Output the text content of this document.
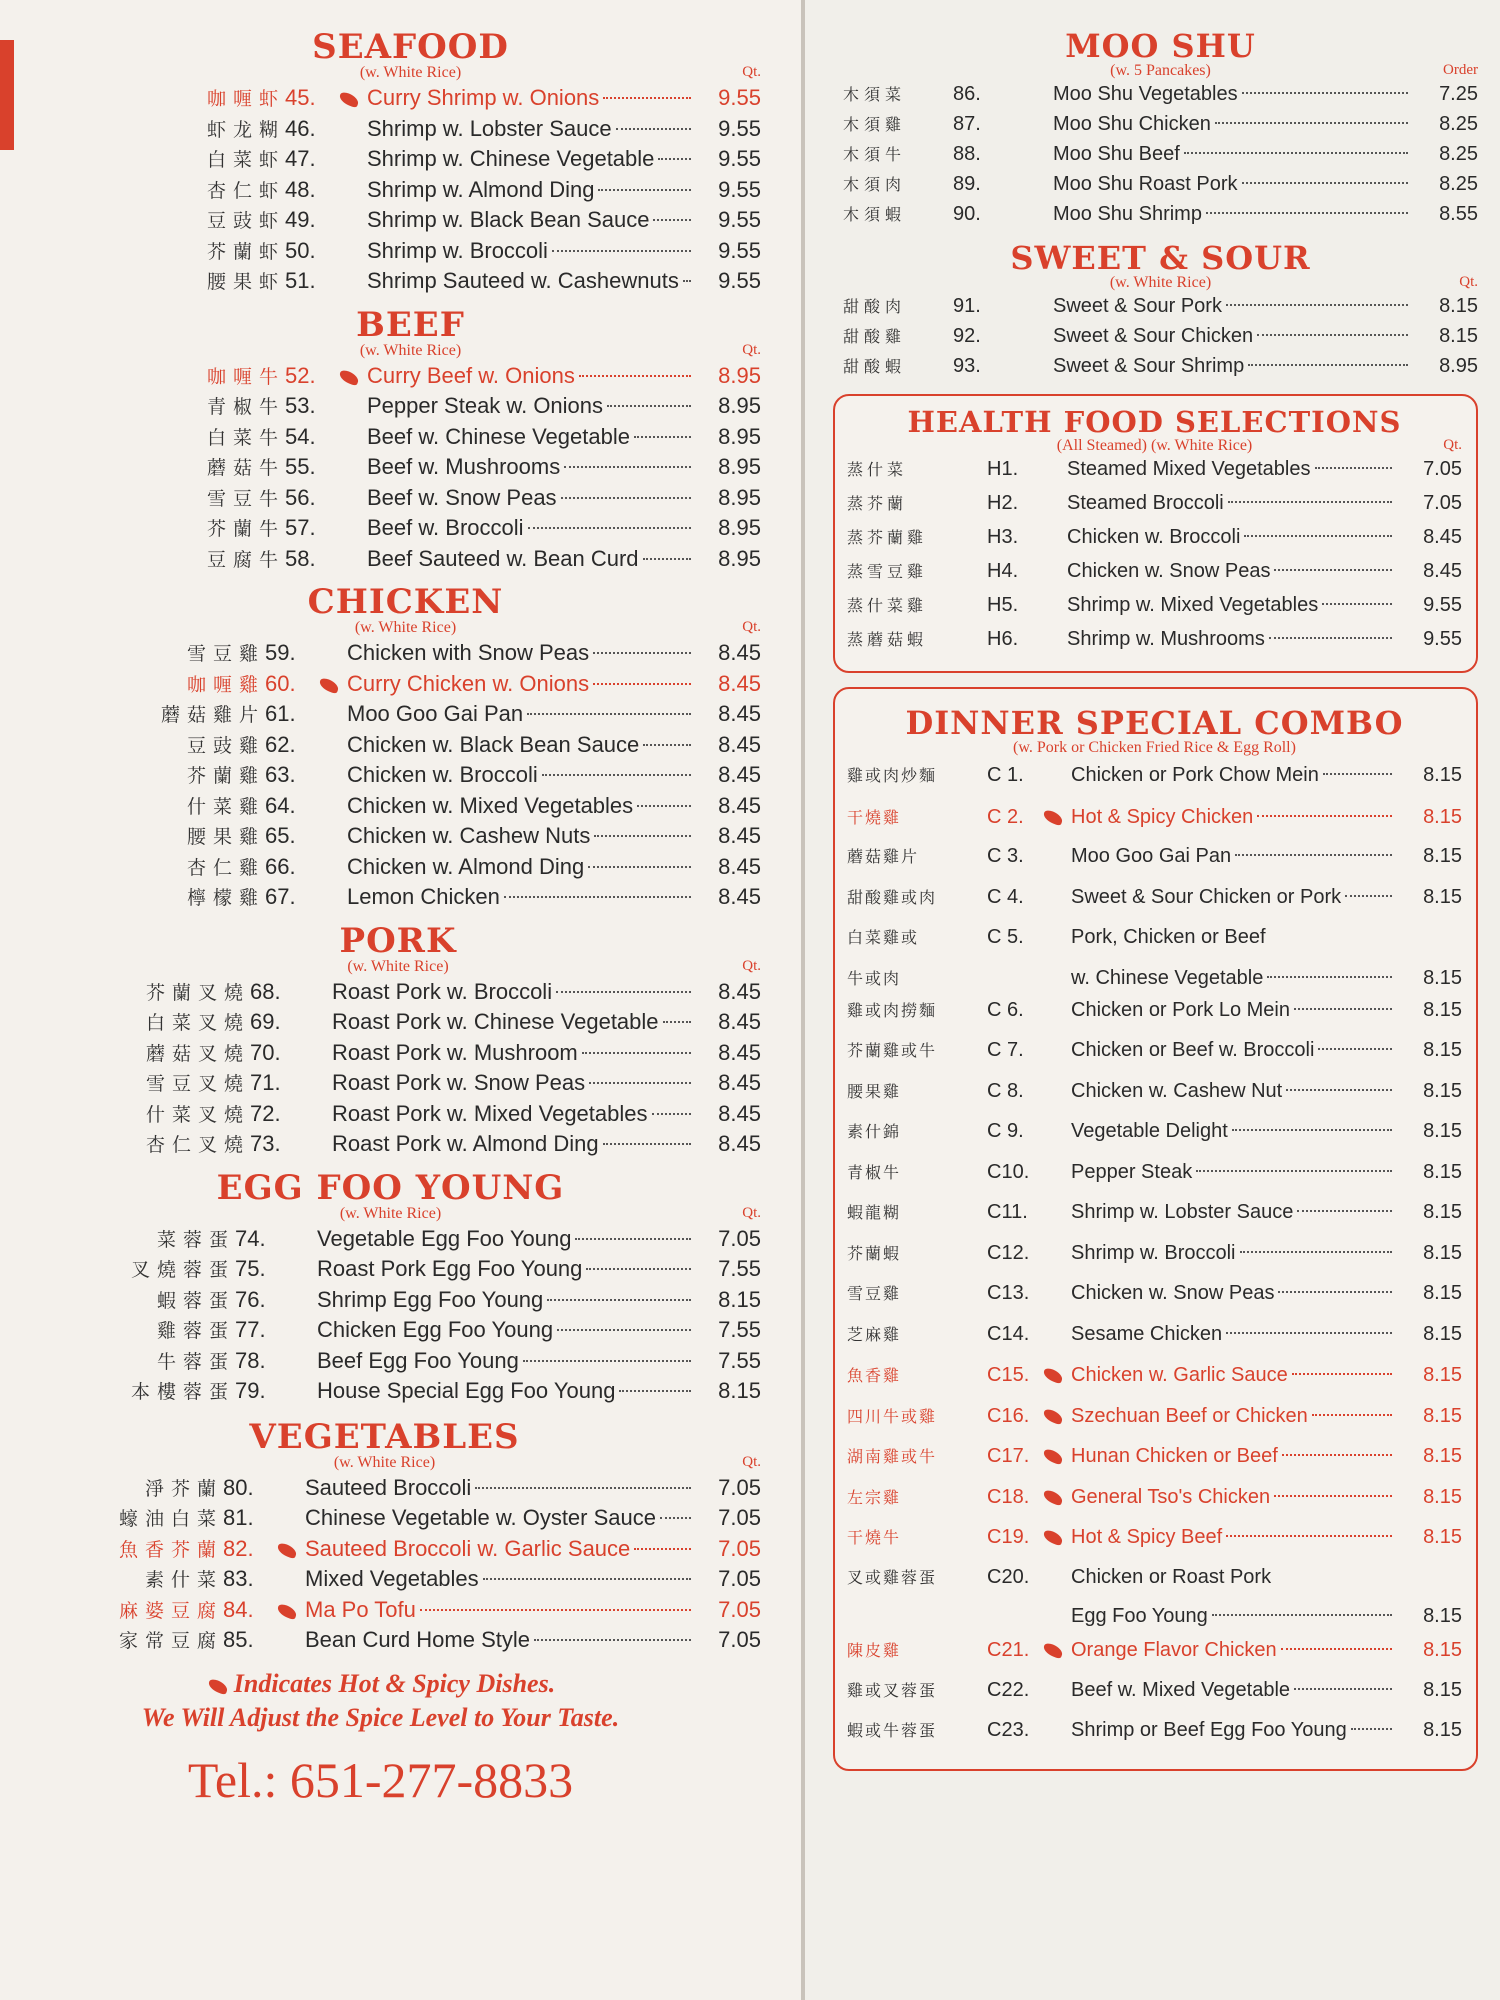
SEAFOOD
(w. White Rice)	Qt.
咖喱虾 45.	Curry Shrimp w. Onions	9.55
虾龙糊 46.	Shrimp w. Lobster Sauce	9.55
白菜虾 47.	Shrimp w. Chinese Vegetable	9.55
杏仁虾 48.	Shrimp w. Almond Ding	9.55
豆豉虾 49.	Shrimp w. Black Bean Sauce	9.55
芥蘭虾 50.	Shrimp w. Broccoli	9.55
腰果虾 51.	Shrimp Sauteed w. Cashewnuts	9.55
BEEF
(w. White Rice)	Qt.
咖喱牛 52.	Curry Beef w. Onions	8.95
青椒牛 53.	Pepper Steak w. Onions	8.95
白菜牛 54.	Beef w. Chinese Vegetable	8.95
蘑菇牛 55.	Beef w. Mushrooms	8.95
雪豆牛 56.	Beef w. Snow Peas	8.95
芥蘭牛 57.	Beef w. Broccoli	8.95
豆腐牛 58.	Beef Sauteed w. Bean Curd	8.95
CHICKEN
(w. White Rice)	Qt.
雪豆雞 59.	Chicken with Snow Peas	8.45
咖喱雞 60.	Curry Chicken w. Onions	8.45
蘑菇雞片 61.	Moo Goo Gai Pan	8.45
豆豉雞 62.	Chicken w. Black Bean Sauce	8.45
芥蘭雞 63.	Chicken w. Broccoli	8.45
什菜雞 64.	Chicken w. Mixed Vegetables	8.45
腰果雞 65.	Chicken w. Cashew Nuts	8.45
杏仁雞 66.	Chicken w. Almond Ding	8.45
檸檬雞 67.	Lemon Chicken	8.45
PORK
(w. White Rice)	Qt.
芥蘭叉燒 68.	Roast Pork w. Broccoli	8.45
白菜叉燒 69.	Roast Pork w. Chinese Vegetable	8.45
蘑菇叉燒 70.	Roast Pork w. Mushroom	8.45
雪豆叉燒 71.	Roast Pork w. Snow Peas	8.45
什菜叉燒 72.	Roast Pork w. Mixed Vegetables	8.45
杏仁叉燒 73.	Roast Pork w. Almond Ding	8.45
EGG FOO YOUNG
(w. White Rice)	Qt.
菜蓉蛋 74.	Vegetable Egg Foo Young	7.05
叉燒蓉蛋 75.	Roast Pork Egg Foo Young	7.55
蝦蓉蛋 76.	Shrimp Egg Foo Young	8.15
雞蓉蛋 77.	Chicken Egg Foo Young	7.55
牛蓉蛋 78.	Beef Egg Foo Young	7.55
本樓蓉蛋 79.	House Special Egg Foo Young	8.15
VEGETABLES
(w. White Rice)	Qt.
淨芥蘭 80.	Sauteed Broccoli	7.05
蠔油白菜 81.	Chinese Vegetable w. Oyster Sauce	7.05
魚香芥蘭 82.	Sauteed Broccoli w. Garlic Sauce	7.05
素什菜 83.	Mixed Vegetables	7.05
麻婆豆腐 84.	Ma Po Tofu	7.05
家常豆腐 85.	Bean Curd Home Style	7.05
Indicates Hot & Spicy Dishes.
We Will Adjust the Spice Level to Your Taste.
Tel.: 651-277-8833
MOO SHU
(w. 5 Pancakes)	Order
木須菜	86.	Moo Shu Vegetables	7.25
木須雞	87.	Moo Shu Chicken	8.25
木須牛	88.	Moo Shu Beef	8.25
木須肉	89.	Moo Shu Roast Pork	8.25
木須蝦	90.	Moo Shu Shrimp	8.55
SWEET & SOUR
(w. White Rice)	Qt.
甜酸肉	91.	Sweet & Sour Pork	8.15
甜酸雞	92.	Sweet & Sour Chicken	8.15
甜酸蝦	93.	Sweet & Sour Shrimp	8.95
HEALTH FOOD SELECTIONS
(All Steamed) (w. White Rice)	Qt.
蒸什菜	H1.	Steamed Mixed Vegetables	7.05
蒸芥蘭	H2.	Steamed Broccoli	7.05
蒸芥蘭雞	H3.	Chicken w. Broccoli	8.45
蒸雪豆雞	H4.	Chicken w. Snow Peas	8.45
蒸什菜雞	H5.	Shrimp w. Mixed Vegetables	9.55
蒸蘑菇蝦	H6.	Shrimp w. Mushrooms	9.55
DINNER SPECIAL COMBO
(w. Pork or Chicken Fried Rice & Egg Roll)
雞或肉炒麵	C 1.	Chicken or Pork Chow Mein	8.15
干燒雞	C 2.	Hot & Spicy Chicken	8.15
蘑菇雞片	C 3.	Moo Goo Gai Pan	8.15
甜酸雞或肉	C 4.	Sweet & Sour Chicken or Pork	8.15
白菜雞或	C 5.	Pork, Chicken or Beef
牛或肉	w. Chinese Vegetable	8.15
雞或肉撈麵	C 6.	Chicken or Pork Lo Mein	8.15
芥蘭雞或牛	C 7.	Chicken or Beef w. Broccoli	8.15
腰果雞	C 8.	Chicken w. Cashew Nut	8.15
素什錦	C 9.	Vegetable Delight	8.15
青椒牛	C10.	Pepper Steak	8.15
蝦龍糊	C11.	Shrimp w. Lobster Sauce	8.15
芥蘭蝦	C12.	Shrimp w. Broccoli	8.15
雪豆雞	C13.	Chicken w. Snow Peas	8.15
芝麻雞	C14.	Sesame Chicken	8.15
魚香雞	C15.	Chicken w. Garlic Sauce	8.15
四川牛或雞	C16.	Szechuan Beef or Chicken	8.15
湖南雞或牛	C17.	Hunan Chicken or Beef	8.15
左宗雞	C18.	General Tso's Chicken	8.15
干燒牛	C19.	Hot & Spicy Beef	8.15
叉或雞蓉蛋	C20.	Chicken or Roast Pork
Egg Foo Young	8.15
陳皮雞	C21.	Orange Flavor Chicken	8.15
雞或叉蓉蛋	C22.	Beef w. Mixed Vegetable	8.15
蝦或牛蓉蛋	C23.	Shrimp or Beef Egg Foo Young	8.15
